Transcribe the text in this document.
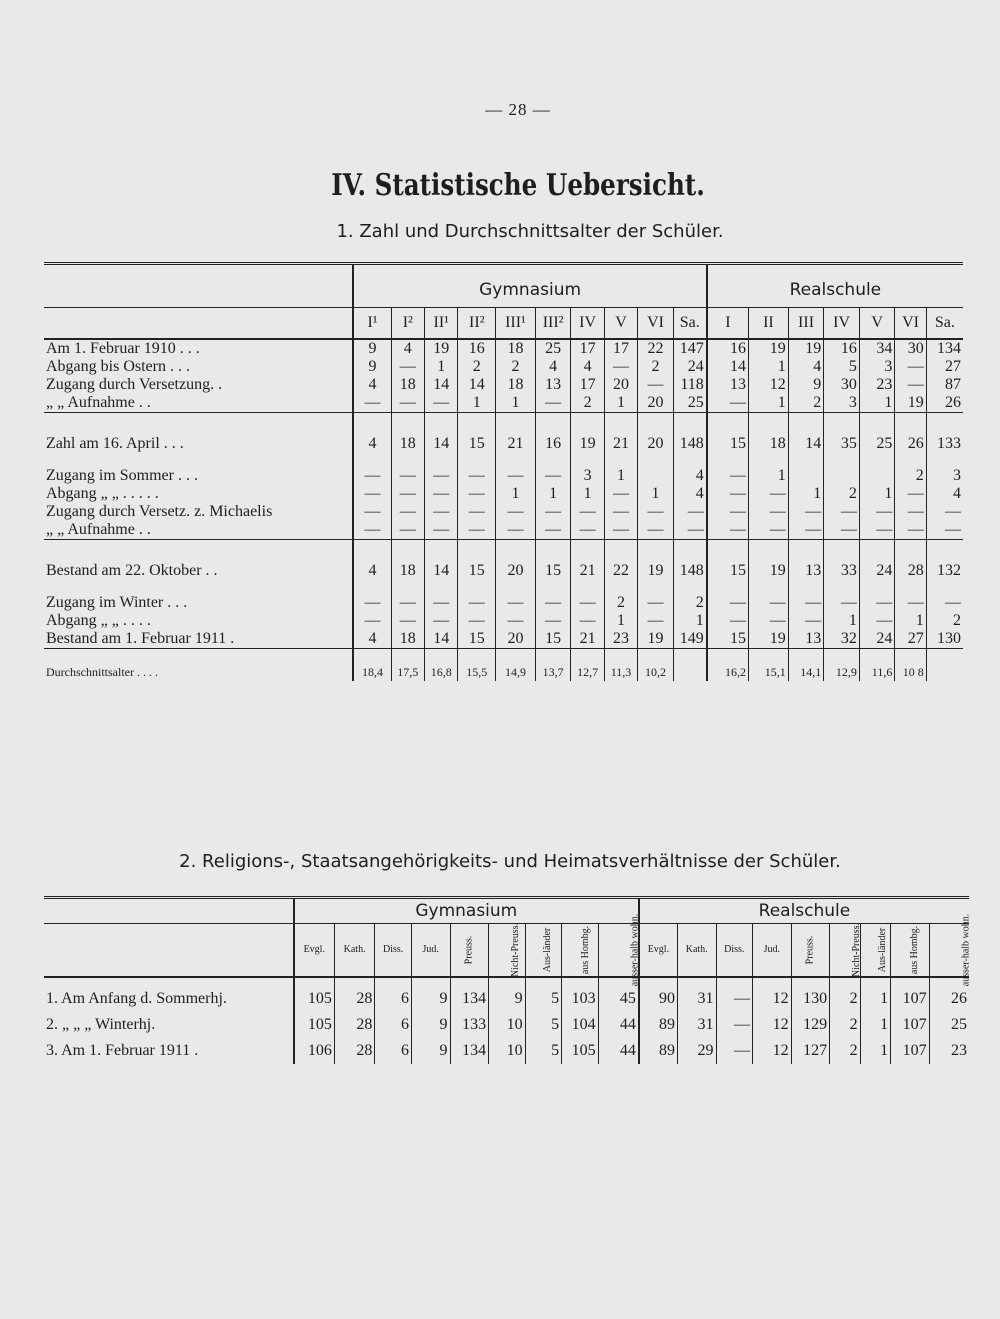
— 28 —
IV. Statistische Uebersicht.
1. Zahl und Durchschnittsalter der Schüler.
	Gymnasium										Realschule						
	I¹	I²	II¹	II²	III¹	III²	IV	V	VI	Sa.	I	II	III	IV	V	VI	Sa.
Am 1. Februar 1910 . . .	9	4	19	16	18	25	17	17	22	147	16	19	19	16	34	30	134
Abgang bis Ostern . . .	9	—	1	2	2	4	4	—	2	24	14	1	4	5	3	—	27
Zugang durch Versetzung. .	4	18	14	14	18	13	17	20	—	118	13	12	9	30	23	—	87
„ „ Aufnahme . .	—	—	—	1	1	—	2	1	20	25	—	1	2	3	1	19	26

Zahl am 16. April . . .	4	18	14	15	21	16	19	21	20	148	15	18	14	35	25	26	133

Zugang im Sommer . . .	—	—	—	—	—	—	3	1		4	—	1				2	3
Abgang „ „ . . . . .	—	—	—	—	1	1	1	—	1	4	—	—	1	2	1	—	4
Zugang durch Versetz. z. Michaelis	—	—	—	—	—	—	—	—	—	—	—	—	—	—	—	—	—
„ „ Aufnahme . .	—	—	—	—	—	—	—	—	—	—	—	—	—	—	—	—	—

Bestand am 22. Oktober . .	4	18	14	15	20	15	21	22	19	148	15	19	13	33	24	28	132

Zugang im Winter . . .	—	—	—	—	—	—	—	2	—	2	—	—	—	—	—	—	—
Abgang „ „ . . . .	—	—	—	—	—	—	—	1	—	1	—	—	—	1	—	1	2
Bestand am 1. Februar 1911 .	4	18	14	15	20	15	21	23	19	149	15	19	13	32	24	27	130

Durchschnittsalter . . . .	18,4	17,5	16,8	15,5	14,9	13,7	12,7	11,3	10,2		16,2	15,1	14,1	12,9	11,6	10 8	
2. Religions-, Staatsangehörigkeits- und Heimatsverhältnisse der Schüler.
	Gymnasium									Realschule								
	Evgl.	Kath.	Diss.	Jud.	Preuss.	Nicht-Preuss.	Aus-länder	aus Hombg.	ausser-halb wohn.	Evgl.	Kath.	Diss.	Jud.	Preuss.	Nicht-Preuss.	Aus-länder	aus Hombg.	ausser-halb wohn.
1. Am Anfang d. Sommerhj.	105	28	6	9	134	9	5	103	45	90	31	—	12	130	2	1	107	26
2. „ „ „ Winterhj.	105	28	6	9	133	10	5	104	44	89	31	—	12	129	2	1	107	25
3. Am 1. Februar 1911 .	106	28	6	9	134	10	5	105	44	89	29	—	12	127	2	1	107	23
